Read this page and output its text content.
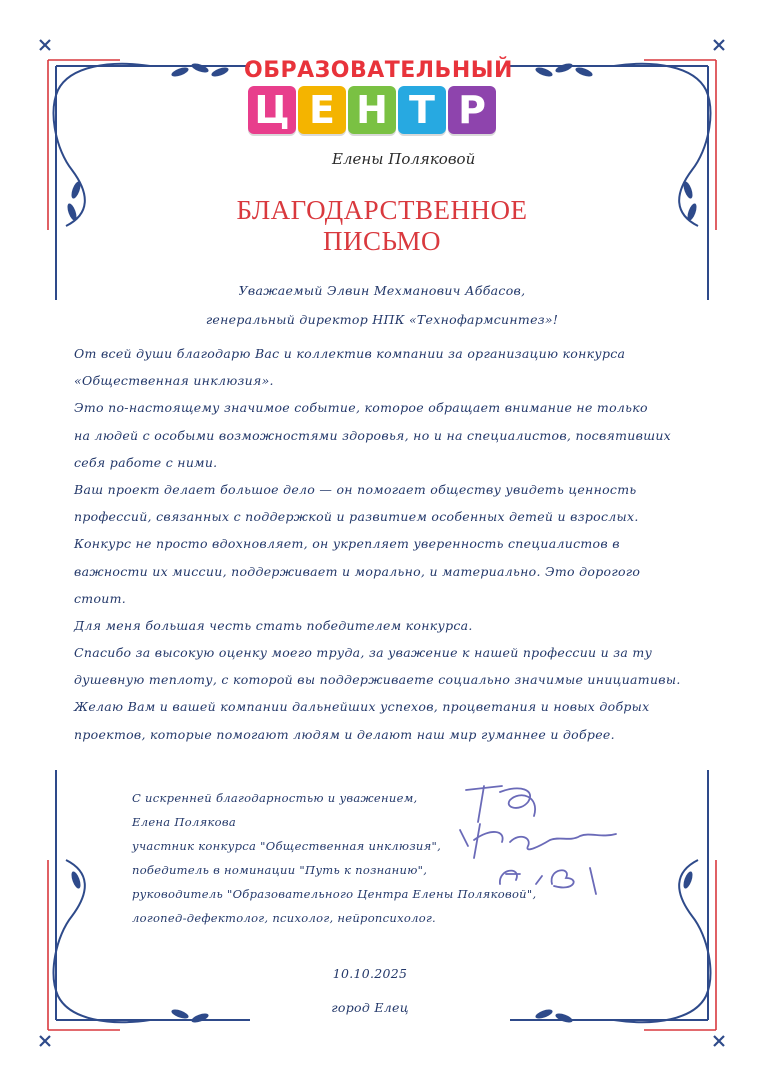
ОБРАЗОВАТЕЛЬНЫЙ
Ц Е Н Т Р
Елены Поляковой
БЛАГОДАРСТВЕННОЕ
ПИСЬМО
Уважаемый Элвин Мехманович Аббасов,
генеральный директор НПК «Технофармсинтез»!
От всей души благодарю Вас и коллектив компании за организацию конкурса
«Общественная инклюзия».
Это по-настоящему значимое событие, которое обращает внимание не только
на людей с особыми возможностями здоровья, но и на специалистов, посвятивших
себя работе с ними.
Ваш проект делает большое дело — он помогает обществу увидеть ценность
профессий, связанных с поддержкой и развитием особенных детей и взрослых.
Конкурс не просто вдохновляет, он укрепляет уверенность специалистов в
важности их миссии, поддерживает и морально, и материально. Это дорогого
стоит.
Для меня большая честь стать победителем конкурса.
Спасибо за высокую оценку моего труда, за уважение к нашей профессии и за ту
душевную теплоту, с которой вы поддерживаете социально значимые инициативы.
Желаю Вам и вашей компании дальнейших успехов, процветания и новых добрых
проектов, которые помогают людям и делают наш мир гуманнее и добрее.
С искренней благодарностью и уважением,
Елена Полякова
участник конкурса "Общественная инклюзия",
победитель в номинации "Путь к познанию",
руководитель "Образовательного Центра Елены Поляковой",
логопед-дефектолог, психолог, нейропсихолог.
10.10.2025
город Елец
